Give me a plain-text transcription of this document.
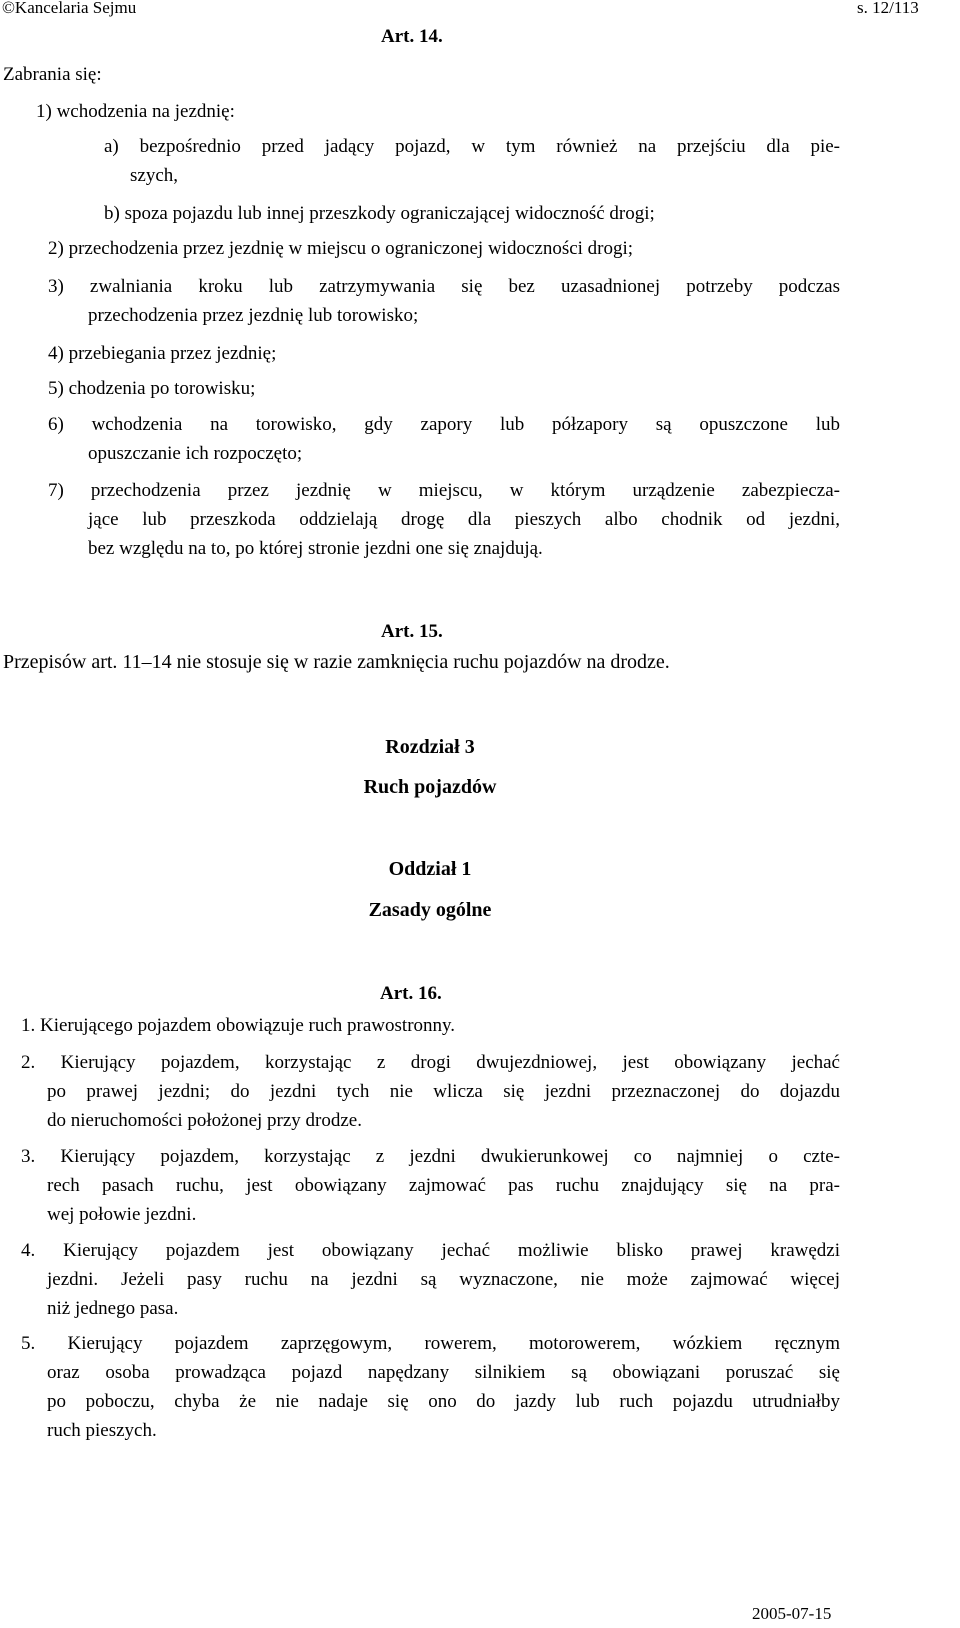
©Kancelaria Sejmu	s. 12/113
Art. 14.
Zabrania się:
1) wchodzenia na jezdnię:
a) bezpośrednio przed jadący pojazd, w tym również na przejściu dla pie-
szych,
b) spoza pojazdu lub innej przeszkody ograniczającej widoczność drogi;
2) przechodzenia przez jezdnię w miejscu o ograniczonej widoczności drogi;
3) zwalniania kroku lub zatrzymywania się bez uzasadnionej potrzeby podczas
przechodzenia przez jezdnię lub torowisko;
4) przebiegania przez jezdnię;
5) chodzenia po torowisku;
6) wchodzenia na torowisko, gdy zapory lub półzapory są opuszczone lub
opuszczanie ich rozpoczęto;
7) przechodzenia przez jezdnię w miejscu, w którym urządzenie zabezpiecza-
jące lub przeszkoda oddzielają drogę dla pieszych albo chodnik od jezdni,
bez względu na to, po której stronie jezdni one się znajdują.
Art. 15.
Przepisów art. 11–14 nie stosuje się w razie zamknięcia ruchu pojazdów na drodze.
Rozdział 3
Ruch pojazdów
Oddział 1
Zasady ogólne
Art. 16.
1. Kierującego pojazdem obowiązuje ruch prawostronny.
2. Kierujący pojazdem, korzystając z drogi dwujezdniowej, jest obowiązany jechać
po prawej jezdni; do jezdni tych nie wlicza się jezdni przeznaczonej do dojazdu
do nieruchomości położonej przy drodze.
3. Kierujący pojazdem, korzystając z jezdni dwukierunkowej co najmniej o czte-
rech pasach ruchu, jest obowiązany zajmować pas ruchu znajdujący się na pra-
wej połowie jezdni.
4. Kierujący pojazdem jest obowiązany jechać możliwie blisko prawej krawędzi
jezdni. Jeżeli pasy ruchu na jezdni są wyznaczone, nie może zajmować więcej
niż jednego pasa.
5. Kierujący pojazdem zaprzęgowym, rowerem, motorowerem, wózkiem ręcznym
oraz osoba prowadząca pojazd napędzany silnikiem są obowiązani poruszać się
po poboczu, chyba że nie nadaje się ono do jazdy lub ruch pojazdu utrudniałby
ruch pieszych.
2005-07-15
